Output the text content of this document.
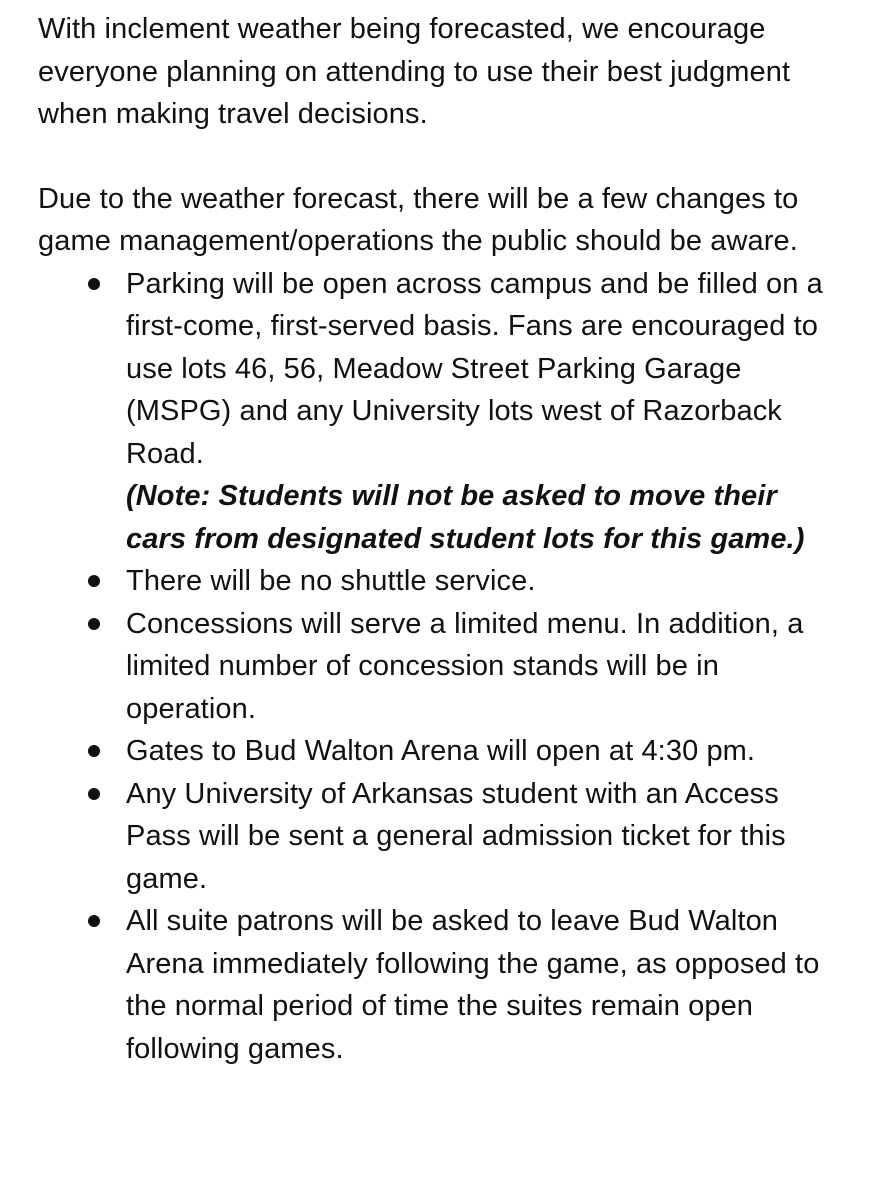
With inclement weather being forecasted, we encourage everyone planning on attending to use their best judgment when making travel decisions.

Due to the weather forecast, there will be a few changes to game management/operations the public should be aware.

Parking will be open across campus and be filled on a first-come, first-served basis. Fans are encouraged to use lots 46, 56, Meadow Street Parking Garage (MSPG) and any University lots west of Razorback Road.
(Note: Students will not be asked to move their cars from designated student lots for this game.)
There will be no shuttle service.
Concessions will serve a limited menu. In addition, a limited number of concession stands will be in operation.
Gates to Bud Walton Arena will open at 4:30 pm.
Any University of Arkansas student with an Access Pass will be sent a general admission ticket for this game.
All suite patrons will be asked to leave Bud Walton Arena immediately following the game, as opposed to the normal period of time the suites remain open following games.
